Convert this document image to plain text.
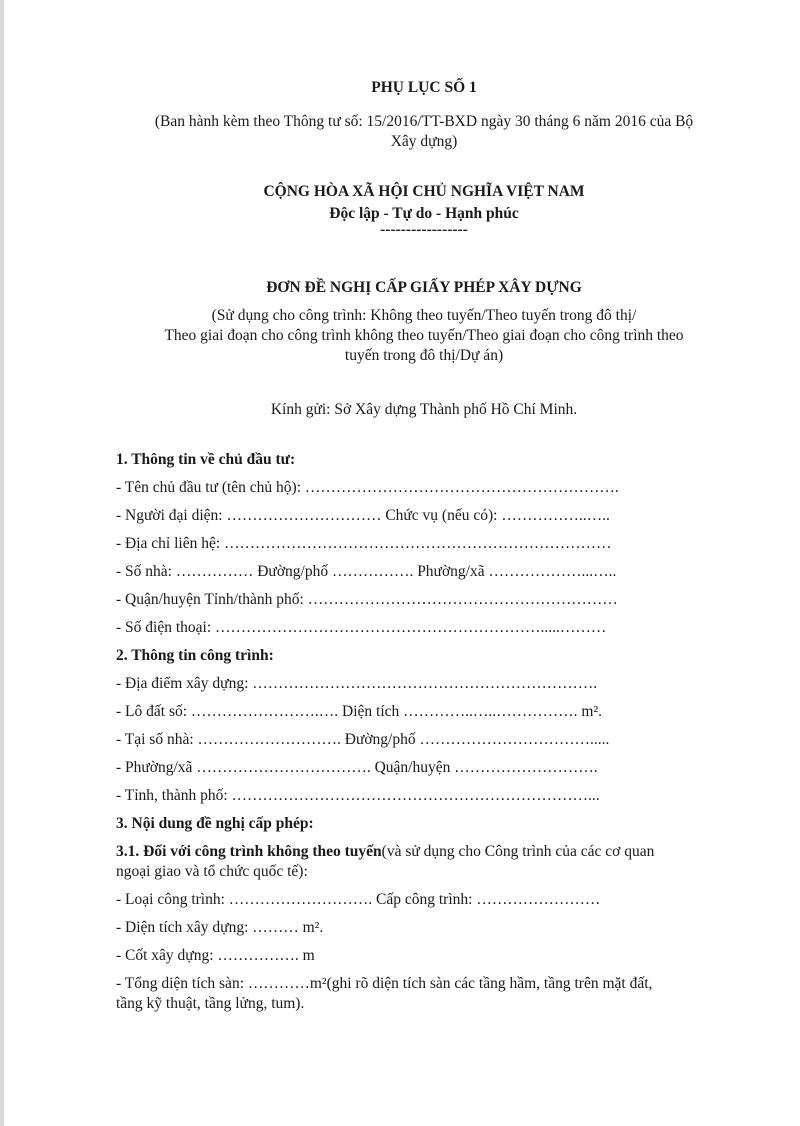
PHỤ LỤC SỐ 1
(Ban hành kèm theo Thông tư số: 15/2016/TT-BXD ngày 30 tháng 6 năm 2016 của Bộ
Xây dựng)
CỘNG HÒA XÃ HỘI CHỦ NGHĨA VIỆT NAM
Độc lập - Tự do - Hạnh phúc
-----------------
ĐƠN ĐỀ NGHỊ CẤP GIẤY PHÉP XÂY DỰNG
(Sử dụng cho công trình: Không theo tuyến/Theo tuyến trong đô thị/
Theo giai đoạn cho công trình không theo tuyến/Theo giai đoạn cho công trình theo
tuyến trong đô thị/Dự án)
Kính gửi: Sở Xây dựng Thành phố Hồ Chí Minh.
1. Thông tin về chủ đầu tư:
- Tên chủ đầu tư (tên chủ hộ): …………………………………………………….
- Người đại diện: ………………………… Chức vụ (nếu có): ……………..…..
- Địa chỉ liên hệ: …………………………………………………………………
- Số nhà: …………… Đường/phố ……………. Phường/xã ………………...…..
- Quận/huyện Tỉnh/thành phố: ……………………………………………………
- Số điện thoại: ……………………………………………………….....………
2. Thông tin công trình:
- Địa điểm xây dựng: ………………………………………………………….
- Lô đất số: …………………….…. Diện tích …………..…..……………. m².
- Tại số nhà: ………………………. Đường/phố …………………………….....
- Phường/xã ……………………………. Quận/huyện ……………………….
- Tỉnh, thành phố: ……………………………………………………………...
3. Nội dung đề nghị cấp phép:
3.1. Đối với công trình không theo tuyến(và sử dụng cho Công trình của các cơ quan
ngoại giao và tổ chức quốc tế):
- Loại công trình: ………………………. Cấp công trình: ……………………
- Diện tích xây dựng: ……… m².
- Cốt xây dựng: ……………. m
- Tổng diện tích sàn: …………m²(ghi rõ diện tích sàn các tầng hầm, tầng trên mặt đất,
tầng kỹ thuật, tầng lửng, tum).
